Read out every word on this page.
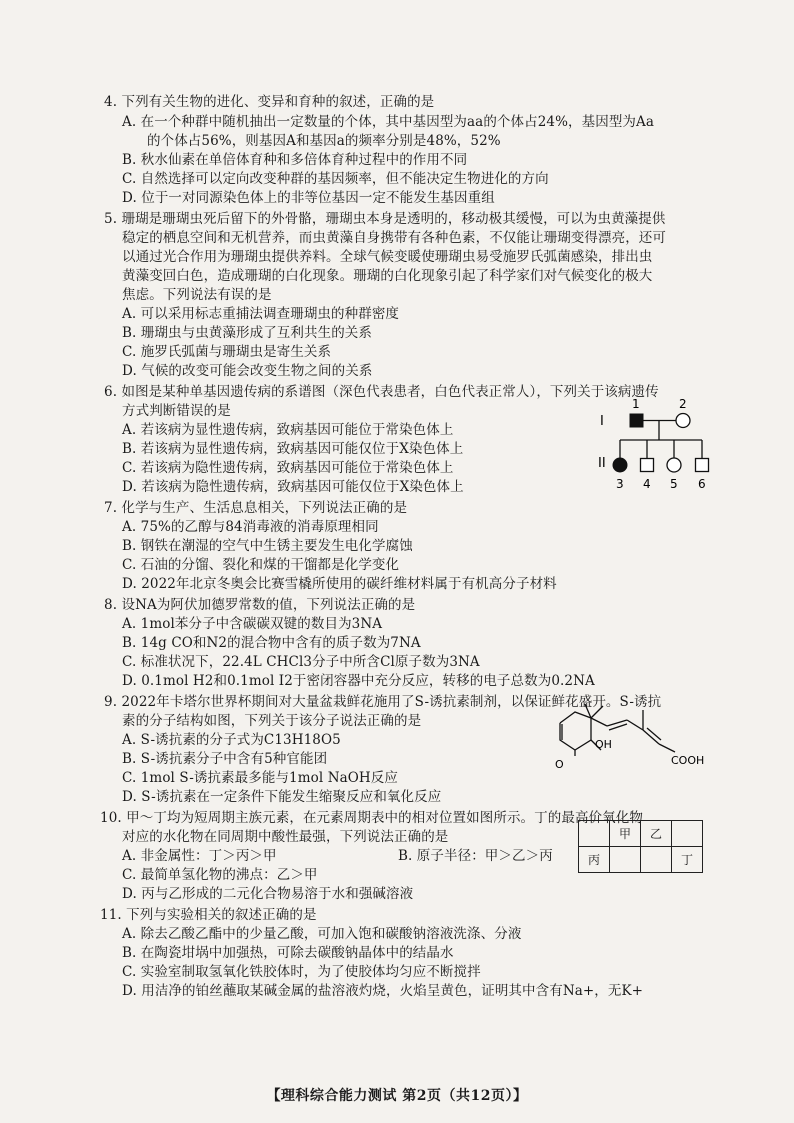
4. 下列有关生物的进化、变异和育种的叙述，正确的是
A. 在一个种群中随机抽出一定数量的个体，其中基因型为aa的个体占24%，基因型为Aa
的个体占56%，则基因A和基因a的频率分别是48%，52%
B. 秋水仙素在单倍体育种和多倍体育种过程中的作用不同
C. 自然选择可以定向改变种群的基因频率，但不能决定生物进化的方向
D. 位于一对同源染色体上的非等位基因一定不能发生基因重组
5. 珊瑚是珊瑚虫死后留下的外骨骼，珊瑚虫本身是透明的，移动极其缓慢，可以为虫黄藻提供
稳定的栖息空间和无机营养，而虫黄藻自身携带有各种色素，不仅能让珊瑚变得漂亮，还可
以通过光合作用为珊瑚虫提供养料。全球气候变暖使珊瑚虫易受施罗氏弧菌感染，排出虫
黄藻变回白色，造成珊瑚的白化现象。珊瑚的白化现象引起了科学家们对气候变化的极大
焦虑。下列说法有误的是
A. 可以采用标志重捕法调查珊瑚虫的种群密度
B. 珊瑚虫与虫黄藻形成了互利共生的关系
C. 施罗氏弧菌与珊瑚虫是寄生关系
D. 气候的改变可能会改变生物之间的关系
6. 如图是某种单基因遗传病的系谱图（深色代表患者，白色代表正常人），下列关于该病遗传
方式判断错误的是
A. 若该病为显性遗传病，致病基因可能位于常染色体上
B. 若该病为显性遗传病，致病基因可能仅位于X染色体上
C. 若该病为隐性遗传病，致病基因可能位于常染色体上
D. 若该病为隐性遗传病，致病基因可能仅位于X染色体上
7. 化学与生产、生活息息相关，下列说法正确的是
A. 75%的乙醇与84消毒液的消毒原理相同
B. 钢铁在潮湿的空气中生锈主要发生电化学腐蚀
C. 石油的分馏、裂化和煤的干馏都是化学变化
D. 2022年北京冬奥会比赛雪橇所使用的碳纤维材料属于有机高分子材料
8. 设NA为阿伏加德罗常数的值，下列说法正确的是
A. 1mol苯分子中含碳碳双键的数目为3NA
B. 14g CO和N2的混合物中含有的质子数为7NA
C. 标准状况下，22.4L CHCl3分子中所含Cl原子数为3NA
D. 0.1mol H2和0.1mol I2于密闭容器中充分反应，转移的电子总数为0.2NA
9. 2022年卡塔尔世界杯期间对大量盆栽鲜花施用了S-诱抗素制剂，以保证鲜花盛开。S-诱抗
素的分子结构如图，下列关于该分子说法正确的是
A. S-诱抗素的分子式为C13H18O5
B. S-诱抗素分子中含有5种官能团
C. 1mol S-诱抗素最多能与1mol NaOH反应
D. S-诱抗素在一定条件下能发生缩聚反应和氧化反应
10. 甲～丁均为短周期主族元素，在元素周期表中的相对位置如图所示。丁的最高价氧化物
对应的水化物在同周期中酸性最强，下列说法正确的是
A. 非金属性：丁＞丙＞甲	B. 原子半径：甲＞乙＞丙
C. 最简单氢化物的沸点：乙＞甲
D. 丙与乙形成的二元化合物易溶于水和强碱溶液
11. 下列与实验相关的叙述正确的是
A. 除去乙酸乙酯中的少量乙酸，可加入饱和碳酸钠溶液洗涤、分液
B. 在陶瓷坩埚中加强热，可除去碳酸钠晶体中的结晶水
C. 实验室制取氢氧化铁胶体时，为了使胶体均匀应不断搅拌
D. 用洁净的铂丝蘸取某碱金属的盐溶液灼烧，火焰呈黄色，证明其中含有Na+，无K+
I
II
1	2
3 4 5 6
O
OH
COOH
	甲	乙	
丙			丁
【理科综合能力测试 第2页（共12页）】
